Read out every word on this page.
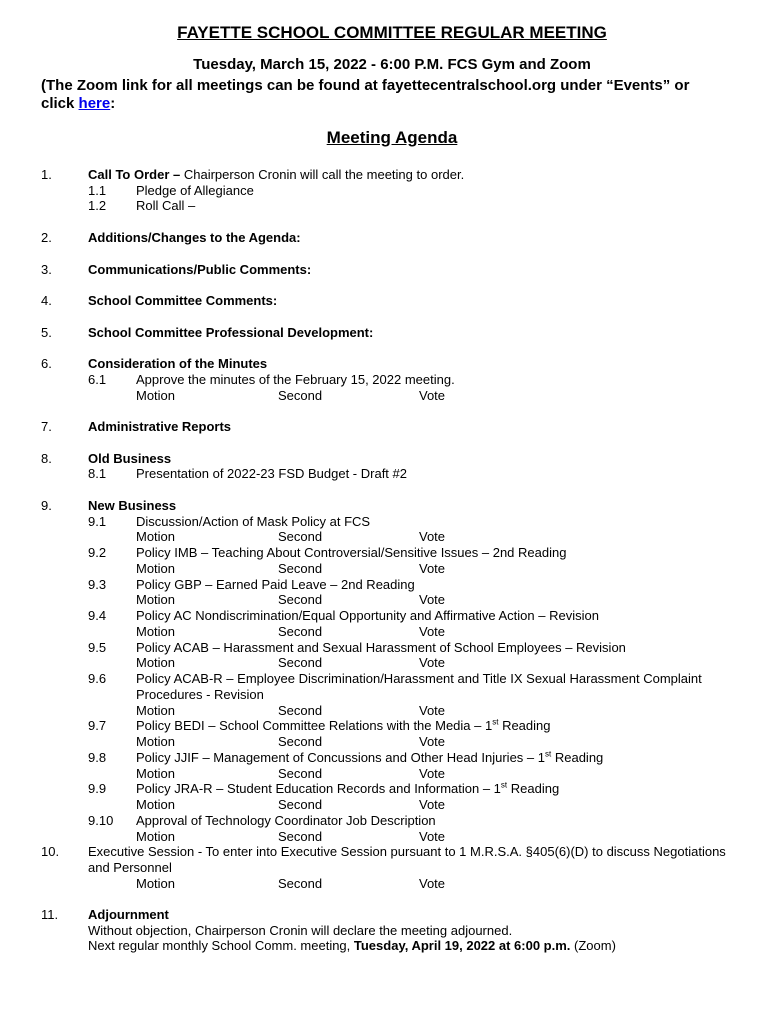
FAYETTE SCHOOL COMMITTEE REGULAR MEETING
Tuesday, March 15, 2022 - 6:00 P.M. FCS Gym and Zoom
(The Zoom link for all meetings can be found at fayettecentralschool.org under “Events” or
click here:
Meeting Agenda
1.	Call To Order – Chairperson Cronin will call the meeting to order.
1.1 Pledge of Allegiance
1.2 Roll Call –
2.	Additions/Changes to the Agenda:
3.	Communications/Public Comments:
4.	School Committee Comments:
5.	School Committee Professional Development:
6.	Consideration of the Minutes
6.1 Approve the minutes of the February 15, 2022 meeting.
Motion	Second	Vote
7.	Administrative Reports
8.	Old Business
8.1 Presentation of 2022-23 FSD Budget - Draft #2
9.	New Business
9.1 Discussion/Action of Mask Policy at FCS
Motion	Second	Vote
9.2 Policy IMB – Teaching About Controversial/Sensitive Issues – 2nd Reading
Motion	Second	Vote
9.3 Policy GBP – Earned Paid Leave – 2nd Reading
Motion	Second	Vote
9.4 Policy AC Nondiscrimination/Equal Opportunity and Affirmative Action – Revision
Motion	Second	Vote
9.5 Policy ACAB – Harassment and Sexual Harassment of School Employees – Revision
Motion	Second	Vote
9.6 Policy ACAB-R – Employee Discrimination/Harassment and Title IX Sexual Harassment Complaint
Procedures - Revision
Motion	Second	Vote
9.7 Policy BEDI – School Committee Relations with the Media – 1st Reading
Motion	Second	Vote
9.8 Policy JJIF – Management of Concussions and Other Head Injuries – 1st Reading
Motion	Second	Vote
9.9 Policy JRA-R – Student Education Records and Information – 1st Reading
Motion	Second	Vote
9.10 Approval of Technology Coordinator Job Description
Motion	Second	Vote
10. Executive Session - To enter into Executive Session pursuant to 1 M.R.S.A. §405(6)(D) to discuss Negotiations
and Personnel
Motion	Second	Vote
11. Adjournment
Without objection, Chairperson Cronin will declare the meeting adjourned.
Next regular monthly School Comm. meeting, Tuesday, April 19, 2022 at 6:00 p.m. (Zoom)
